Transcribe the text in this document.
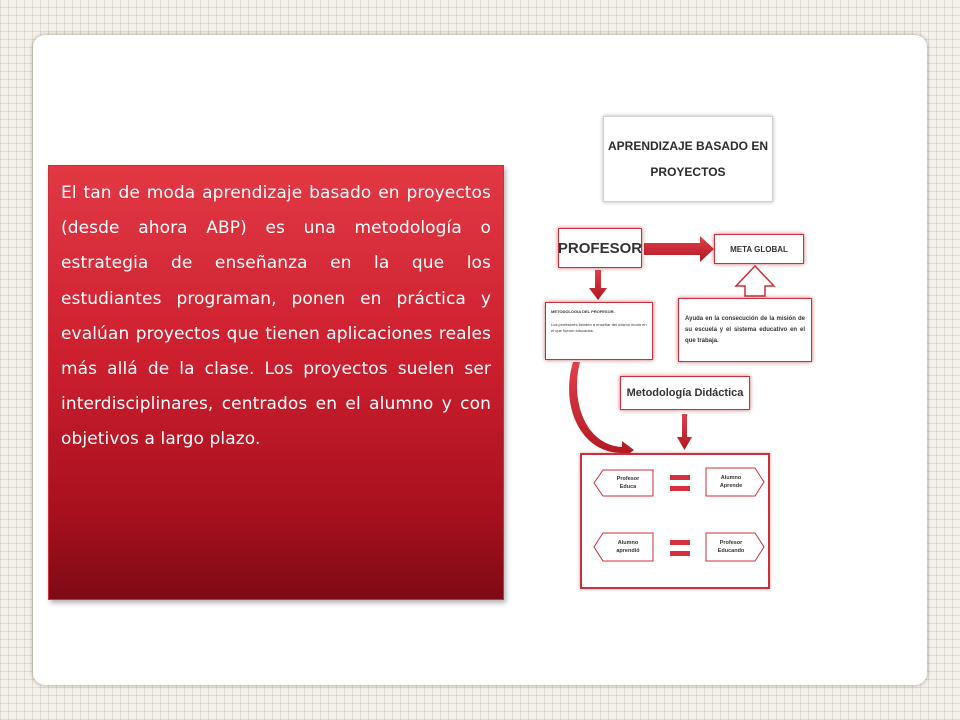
El tan de moda aprendizaje basado en proyectos (desde ahora ABP) es una metodología o estrategia de enseñanza en la que los estudiantes programan, ponen en práctica y evalúan proyectos que tienen aplicaciones reales más allá de la clase. Los proyectos suelen ser interdisciplinares, centrados en el alumno y con objetivos a largo plazo.

APRENDIZAJE BASADO EN
PROYECTOS
PROFESOR	META GLOBAL
METODOLOGIA DEL PROFESOR.
Los profesores tienden a enseñar del mismo modo en el que fueron educados.
Ayuda en la consecución de la misión de su escuela y el sistema educativo en el que trabaja.
Metodología Didáctica
Profesor
Educa
Alumno
Aprende
Alumno
aprendió
Profesor
Educando
